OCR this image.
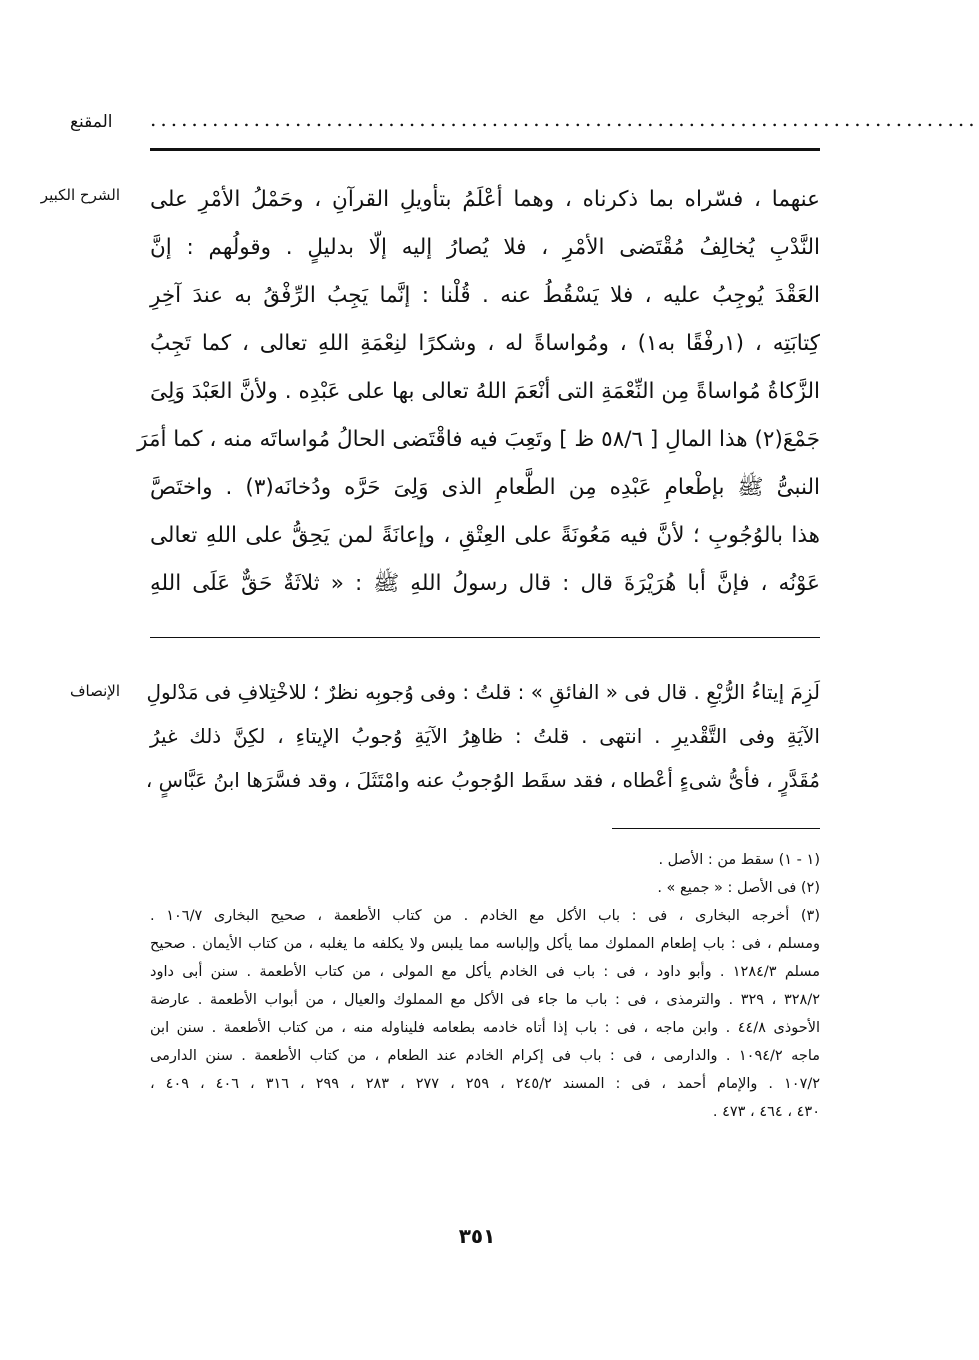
المقنع ................................................................................
الشرح الكبير عنهما ، فسّراه بما ذكرناه ، وهما أعْلَمُ بتأويلِ القرآنِ ، وحَمْلُ الأمْرِ على
النَّدْبِ يُخالِفُ مُقْتَضى الأمْرِ ، فلا يُصارُ إليه إلّا بدليلٍ . وقولُهم : إنَّ
العَقْدَ يُوجِبُ عليه ، فلا يَسْقُطُ عنه . قُلْنا : إنَّما يَجِبُ الرِّفْقُ به عندَ آخِرِ
كِتابَتِه ، (١رفْقًا به١) ، ومُواساةً له ، وشكرًا لنِعْمَةِ اللهِ تعالى ، كما تَجِبُ
الزَّكاةُ مُواساةً مِن النِّعْمَةِ التى أنْعَمَ اللهُ تعالى بها على عَبْدِه . ولأنَّ العَبْدَ وَلِىَ
جَمْعَ(٢) هذا المالِ [ ٥٨/٦ ظ ] وتَعِبَ فيه فاقْتَضى الحالُ مُواساتَه منه ، كما أمَرَ
النبىُّ ﷺ بإطْعامِ عَبْدِه مِن الطَّعامِ الذى وَلِىَ حَرَّه ودُخانَه(٣) . واختَصَّ
هذا بالوُجُوبِ ؛ لأنَّ فيه مَعُونَةً على العِتْقِ ، وإعانَةً لمن يَحِقُّ على اللهِ تعالى
عَوْنُه ، فإنَّ أبا هُرَيْرَةَ قال : قال رسولُ اللهِ ﷺ : « ثلاثَةٌ حَقٌّ عَلَى اللهِ
الإنصاف لَزِمَ إيتاءُ الرُّبْعِ . قال فى « الفائقِ » : قلتُ : وفى وُجوبِه نظرٌ ؛ للاخْتِلافِ فى مَدْلولِ
الآيَةِ وفى التَّقْديرِ . انتهى . قلتُ : ظاهِرُ الآيَةِ وُجوبُ الإيتاءِ ، لكِنَّ ذلك غيرُ
مُقَدَّرٍ ، فأىُّ شىءٍ أعْطاه ، فقد سقَط الوُجوبُ عنه وامْتَثَلَ ، وقد فسَّرَها ابنُ عَبَّاسٍ ،
(١ - ١) سقط من : الأصل .
(٢) فى الأصل : « جميع » .
(٣) أخرجه البخارى ، فى : باب الأكل مع الخادم . من كتاب الأطعمة ، صحيح البخارى ١٠٦/٧ .
ومسلم ، فى : باب إطعام المملوك مما يأكل وإلباسه مما يلبس ولا يكلفه ما يغلبه ، من كتاب الأيمان . صحيح
مسلم ١٢٨٤/٣ . وأبو داود ، فى : باب فى الخادم يأكل مع المولى ، من كتاب الأطعمة . سنن أبى داود
٣٢٨/٢ ، ٣٢٩ . والترمذى ، فى : باب ما جاء فى الأكل مع المملوك والعيال ، من أبواب الأطعمة . عارضة
الأحوذى ٤٤/٨ . وابن ماجه ، فى : باب إذا أتاه خادمه بطعامه فليناوله منه ، من كتاب الأطعمة . سنن ابن
ماجه ١٠٩٤/٢ . والدارمى ، فى : باب فى إكرام الخادم عند الطعام ، من كتاب الأطعمة . سنن الدارمى
١٠٧/٢ . والإمام أحمد ، فى : المسند ٢٤٥/٢ ، ٢٥٩ ، ٢٧٧ ، ٢٨٣ ، ٢٩٩ ، ٣١٦ ، ٤٠٦ ، ٤٠٩ ،
٤٣٠ ، ٤٦٤ ، ٤٧٣ .
٣٥١
